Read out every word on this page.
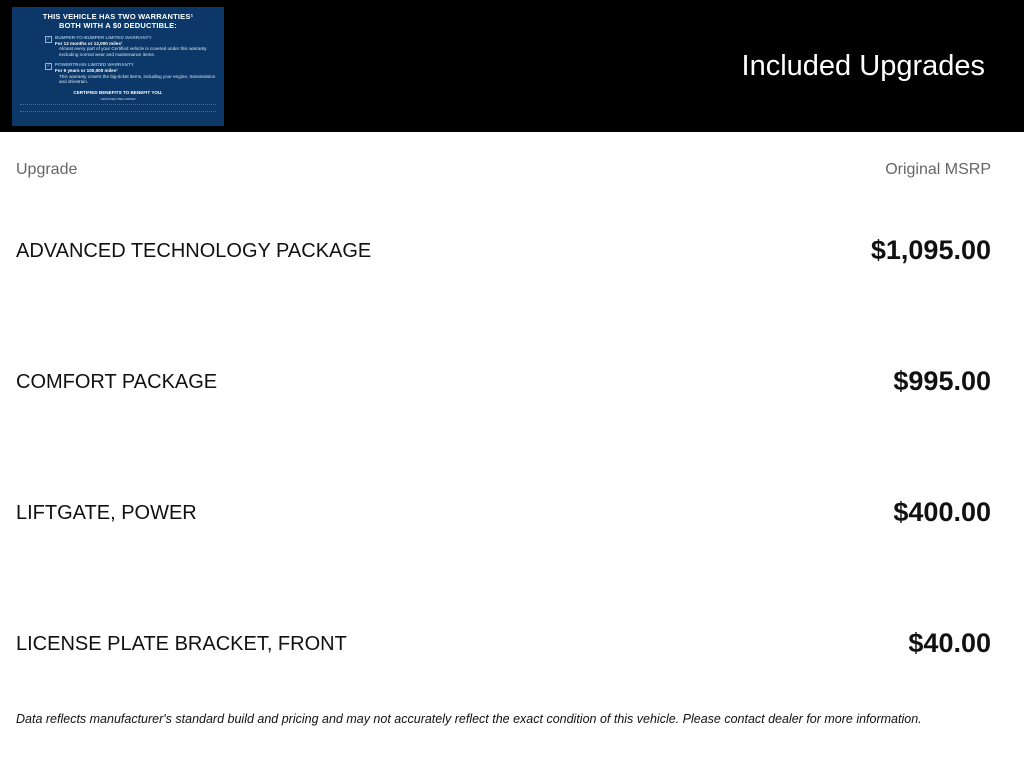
THIS VEHICLE HAS TWO WARRANTIES¹
BOTH WITH A $0 DEDUCTIBLE:
✓ BUMPER-TO-BUMPER LIMITED WARRANTY
For 12 months or 12,000 miles¹
Almost every part of your Certified vehicle is covered under this warranty excluding normal wear and maintenance items.
✓ POWERTRAIN LIMITED WARRANTY
For 6 years or 100,000 miles¹
This warranty covers the big-ticket items, including your engine, transmission and drivetrain.
CERTIFIED BENEFITS TO BENEFIT YOU.
CERTIFIED PRE-OWNED
Included Upgrades
Upgrade	Original MSRP
ADVANCED TECHNOLOGY PACKAGE	$1,095.00
COMFORT PACKAGE	$995.00
LIFTGATE, POWER	$400.00
LICENSE PLATE BRACKET, FRONT	$40.00
Data reflects manufacturer's standard build and pricing and may not accurately reflect the exact condition of this vehicle. Please contact dealer for more information.
